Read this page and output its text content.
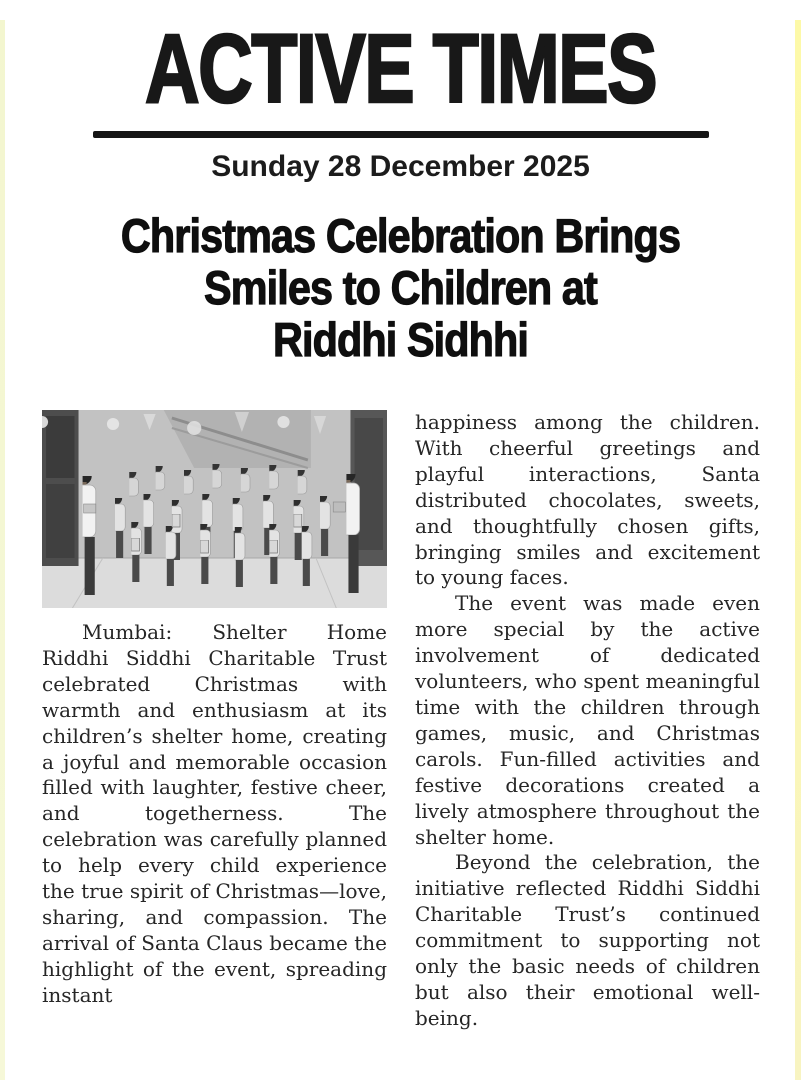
ACTIVE TIMES
Sunday 28 December 2025
Christmas Celebration Brings
Smiles to Children at
Riddhi Sidhhi

Mumbai: Shelter Home Riddhi Siddhi Charitable Trust celebrated Christmas with warmth and enthusiasm at its children’s shelter home, creating a joyful and memorable occasion filled with laughter, festive cheer, and togetherness. The celebration was carefully planned to help every child experience the true spirit of Christmas—love, sharing, and compassion. The arrival of Santa Claus became the highlight of the event, spreading instant

happiness among the children. With cheerful greetings and playful interactions, Santa distributed chocolates, sweets, and thoughtfully chosen gifts, bringing smiles and excitement to young faces.

The event was made even more special by the active involvement of dedicated volunteers, who spent meaningful time with the children through games, music, and Christmas carols. Fun-filled activities and festive decorations created a lively atmosphere throughout the shelter home.

Beyond the celebration, the initiative reflected Riddhi Siddhi Charitable Trust’s continued commitment to supporting not only the basic needs of children but also their emotional well-being.
